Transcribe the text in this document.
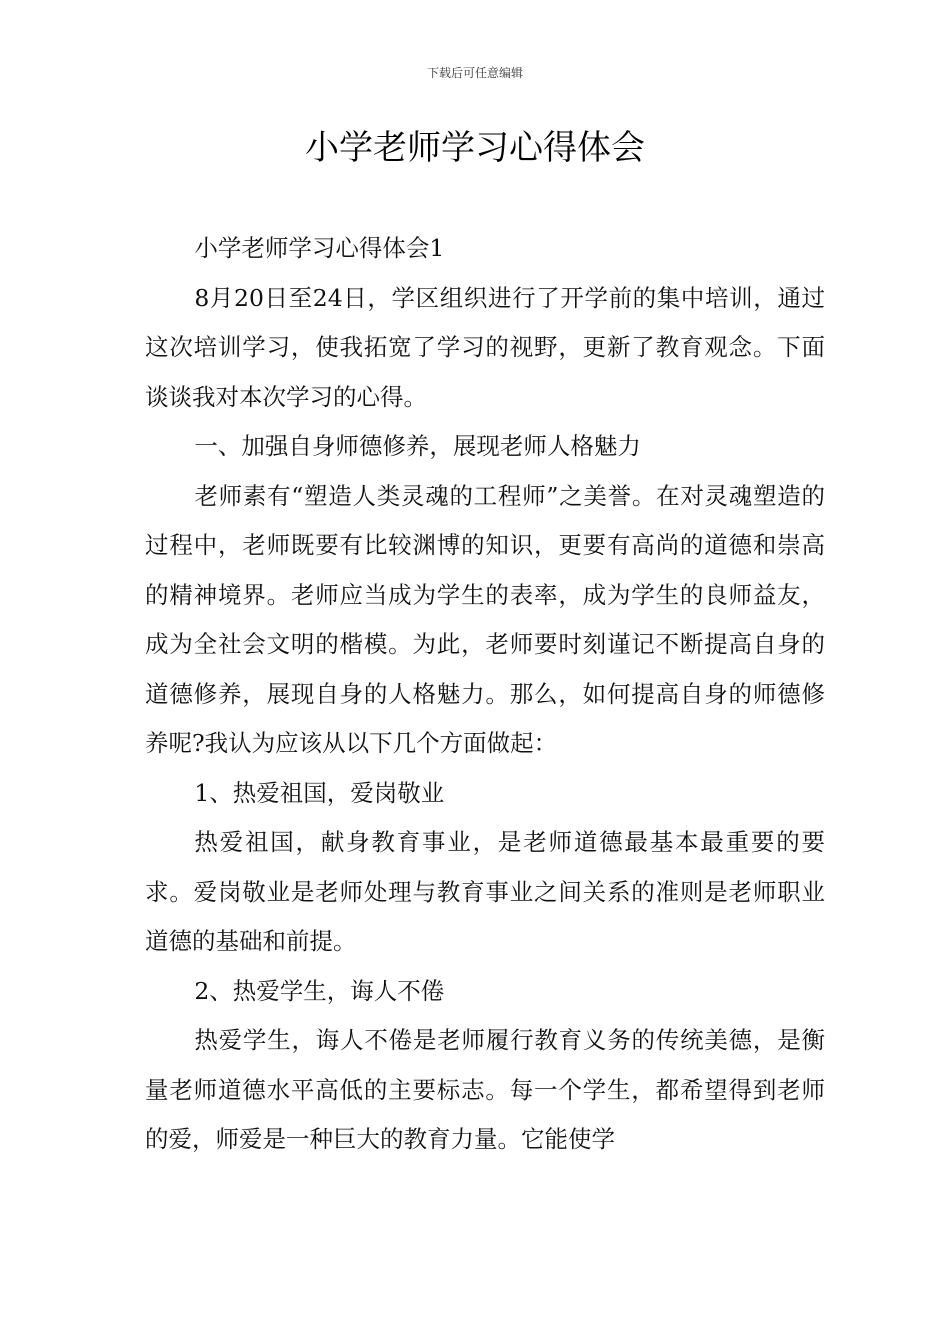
下载后可任意编辑
小学老师学习心得体会

小学老师学习心得体会1

8月20日至24日，学区组织进行了开学前的集中培训，通过这次培训学习，使我拓宽了学习的视野，更新了教育观念。下面谈谈我对本次学习的心得。

一、加强自身师德修养，展现老师人格魅力

老师素有“塑造人类灵魂的工程师”之美誉。在对灵魂塑造的过程中，老师既要有比较渊博的知识，更要有高尚的道德和崇高的精神境界。老师应当成为学生的表率，成为学生的良师益友，成为全社会文明的楷模。为此，老师要时刻谨记不断提高自身的道德修养，展现自身的人格魅力。那么，如何提高自身的师德修养呢?我认为应该从以下几个方面做起：

1、热爱祖国，爱岗敬业

热爱祖国，献身教育事业，是老师道德最基本最重要的要求。爱岗敬业是老师处理与教育事业之间关系的准则是老师职业道德的基础和前提。

2、热爱学生，诲人不倦

热爱学生，诲人不倦是老师履行教育义务的传统美德，是衡量老师道德水平高低的主要标志。每一个学生，都希望得到老师的爱，师爱是一种巨大的教育力量。它能使学
